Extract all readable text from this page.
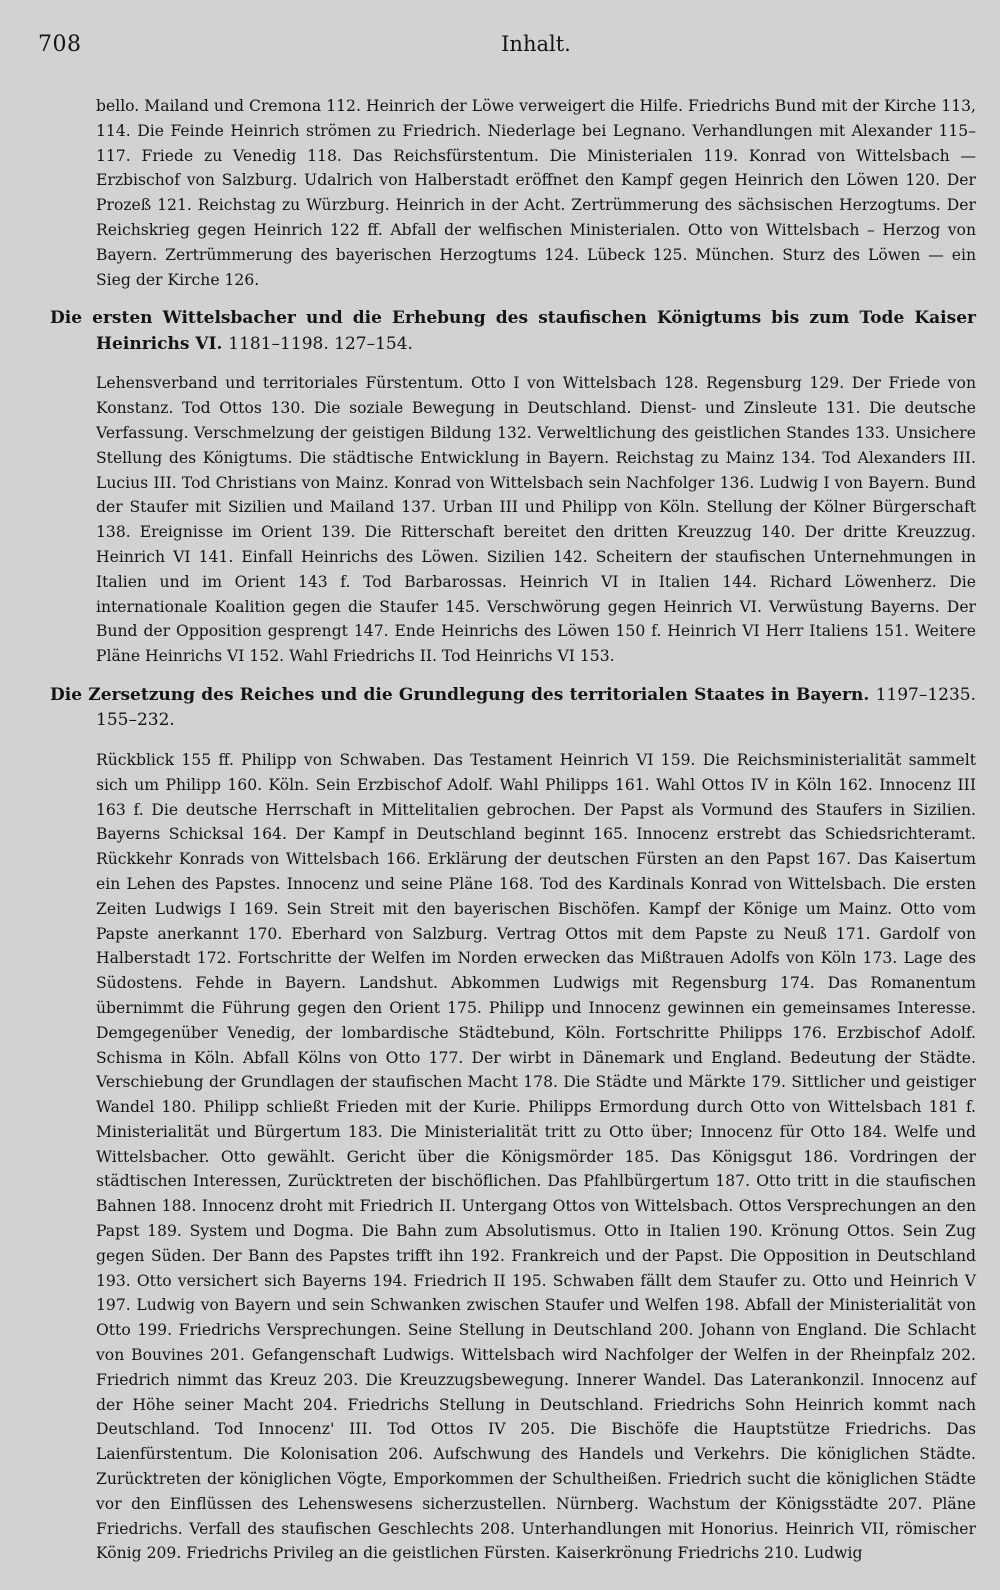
708	Inhalt.

bello. Mailand und Cremona 112. Heinrich der Löwe verweigert die Hilfe. Friedrichs Bund mit der Kirche 113, 114. Die Feinde Heinrich strömen zu Friedrich. Niederlage bei Legnano. Verhandlungen mit Alexander 115–117. Friede zu Venedig 118. Das Reichsfürstentum. Die Ministerialen 119. Konrad von Wittelsbach — Erzbischof von Salzburg. Udalrich von Halberstadt eröffnet den Kampf gegen Heinrich den Löwen 120. Der Prozeß 121. Reichstag zu Würzburg. Heinrich in der Acht. Zertrümmerung des sächsischen Herzogtums. Der Reichskrieg gegen Heinrich 122 ff. Abfall der welfischen Ministerialen. Otto von Wittelsbach – Herzog von Bayern. Zertrümmerung des bayerischen Herzogtums 124. Lübeck 125. München. Sturz des Löwen — ein Sieg der Kirche 126.

Die ersten Wittelsbacher und die Erhebung des staufischen Königtums bis zum Tode Kaiser Heinrichs VI. 1181–1198. 127–154.

Lehensverband und territoriales Fürstentum. Otto I von Wittelsbach 128. Regensburg 129. Der Friede von Konstanz. Tod Ottos 130. Die soziale Bewegung in Deutschland. Dienst- und Zinsleute 131. Die deutsche Verfassung. Verschmelzung der geistigen Bildung 132. Verweltlichung des geistlichen Standes 133. Unsichere Stellung des Königtums. Die städtische Entwicklung in Bayern. Reichstag zu Mainz 134. Tod Alexanders III. Lucius III. Tod Christians von Mainz. Konrad von Wittelsbach sein Nachfolger 136. Ludwig I von Bayern. Bund der Staufer mit Sizilien und Mailand 137. Urban III und Philipp von Köln. Stellung der Kölner Bürgerschaft 138. Ereignisse im Orient 139. Die Ritterschaft bereitet den dritten Kreuzzug 140. Der dritte Kreuzzug. Heinrich VI 141. Einfall Heinrichs des Löwen. Sizilien 142. Scheitern der staufischen Unternehmungen in Italien und im Orient 143 f. Tod Barbarossas. Heinrich VI in Italien 144. Richard Löwenherz. Die internationale Koalition gegen die Staufer 145. Verschwörung gegen Heinrich VI. Verwüstung Bayerns. Der Bund der Opposition gesprengt 147. Ende Heinrichs des Löwen 150 f. Heinrich VI Herr Italiens 151. Weitere Pläne Heinrichs VI 152. Wahl Friedrichs II. Tod Heinrichs VI 153.

Die Zersetzung des Reiches und die Grundlegung des territorialen Staates in Bayern. 1197–1235. 155–232.

Rückblick 155 ff. Philipp von Schwaben. Das Testament Heinrich VI 159. Die Reichsministerialität sammelt sich um Philipp 160. Köln. Sein Erzbischof Adolf. Wahl Philipps 161. Wahl Ottos IV in Köln 162. Innocenz III 163 f. Die deutsche Herrschaft in Mittelitalien gebrochen. Der Papst als Vormund des Staufers in Sizilien. Bayerns Schicksal 164. Der Kampf in Deutschland beginnt 165. Innocenz erstrebt das Schiedsrichteramt. Rückkehr Konrads von Wittelsbach 166. Erklärung der deutschen Fürsten an den Papst 167. Das Kaisertum ein Lehen des Papstes. Innocenz und seine Pläne 168. Tod des Kardinals Konrad von Wittelsbach. Die ersten Zeiten Ludwigs I 169. Sein Streit mit den bayerischen Bischöfen. Kampf der Könige um Mainz. Otto vom Papste anerkannt 170. Eberhard von Salzburg. Vertrag Ottos mit dem Papste zu Neuß 171. Gardolf von Halberstadt 172. Fortschritte der Welfen im Norden erwecken das Mißtrauen Adolfs von Köln 173. Lage des Südostens. Fehde in Bayern. Landshut. Abkommen Ludwigs mit Regensburg 174. Das Romanentum übernimmt die Führung gegen den Orient 175. Philipp und Innocenz gewinnen ein gemeinsames Interesse. Demgegenüber Venedig, der lombardische Städtebund, Köln. Fortschritte Philipps 176. Erzbischof Adolf. Schisma in Köln. Abfall Kölns von Otto 177. Der wirbt in Dänemark und England. Bedeutung der Städte. Verschiebung der Grundlagen der staufischen Macht 178. Die Städte und Märkte 179. Sittlicher und geistiger Wandel 180. Philipp schließt Frieden mit der Kurie. Philipps Ermordung durch Otto von Wittelsbach 181 f. Ministerialität und Bürgertum 183. Die Ministerialität tritt zu Otto über; Innocenz für Otto 184. Welfe und Wittelsbacher. Otto gewählt. Gericht über die Königsmörder 185. Das Königsgut 186. Vordringen der städtischen Interessen, Zurücktreten der bischöflichen. Das Pfahlbürgertum 187. Otto tritt in die staufischen Bahnen 188. Innocenz droht mit Friedrich II. Untergang Ottos von Wittelsbach. Ottos Versprechungen an den Papst 189. System und Dogma. Die Bahn zum Absolutismus. Otto in Italien 190. Krönung Ottos. Sein Zug gegen Süden. Der Bann des Papstes trifft ihn 192. Frankreich und der Papst. Die Opposition in Deutschland 193. Otto versichert sich Bayerns 194. Friedrich II 195. Schwaben fällt dem Staufer zu. Otto und Heinrich V 197. Ludwig von Bayern und sein Schwanken zwischen Staufer und Welfen 198. Abfall der Ministerialität von Otto 199. Friedrichs Versprechungen. Seine Stellung in Deutschland 200. Johann von England. Die Schlacht von Bouvines 201. Gefangenschaft Ludwigs. Wittelsbach wird Nachfolger der Welfen in der Rheinpfalz 202. Friedrich nimmt das Kreuz 203. Die Kreuzzugsbewegung. Innerer Wandel. Das Laterankonzil. Innocenz auf der Höhe seiner Macht 204. Friedrichs Stellung in Deutschland. Friedrichs Sohn Heinrich kommt nach Deutschland. Tod Innocenz' III. Tod Ottos IV 205. Die Bischöfe die Hauptstütze Friedrichs. Das Laienfürstentum. Die Kolonisation 206. Aufschwung des Handels und Verkehrs. Die königlichen Städte. Zurücktreten der königlichen Vögte, Emporkommen der Schultheißen. Friedrich sucht die königlichen Städte vor den Einflüssen des Lehenswesens sicherzustellen. Nürnberg. Wachstum der Königsstädte 207. Pläne Friedrichs. Verfall des staufischen Geschlechts 208. Unterhandlungen mit Honorius. Heinrich VII, römischer König 209. Friedrichs Privileg an die geistlichen Fürsten. Kaiserkrönung Friedrichs 210. Ludwig
